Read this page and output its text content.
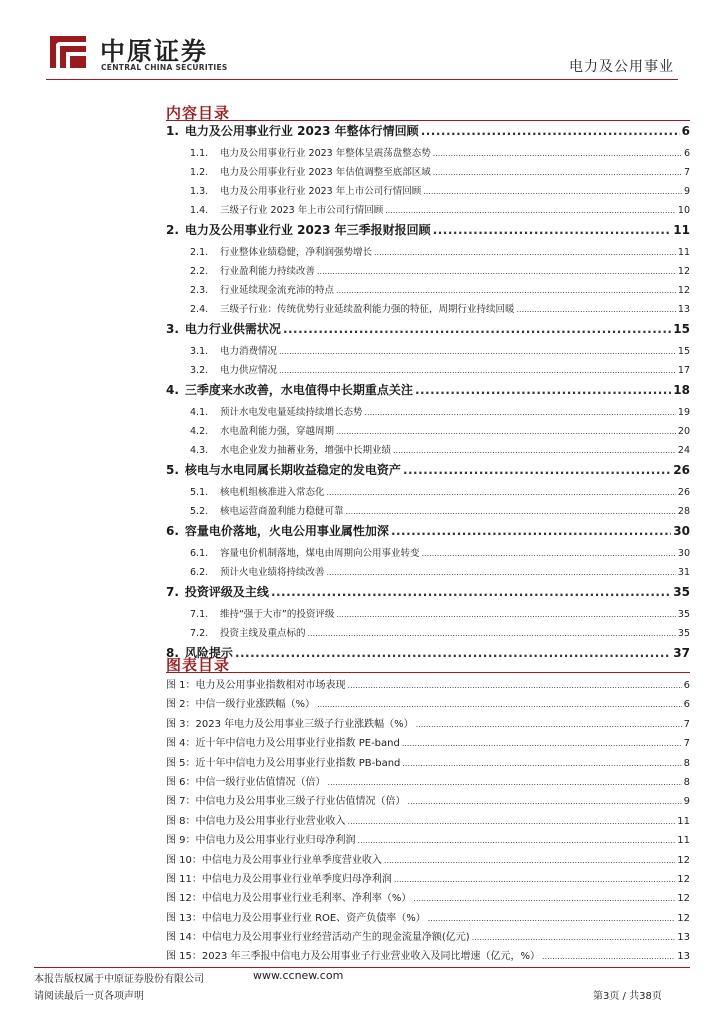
中原证券
CENTRAL CHINA SECURITIES	电力及公用事业
内容目录
1. 电力及公用事业行业 2023 年整体行情回顾 .....	6
1.1. 电力及公用事业行业 2023 年整体呈震荡盘整态势 .....	6
1.2. 电力及公用事业行业 2023 年估值调整至底部区域 .....	7
1.3. 电力及公用事业行业 2023 年上市公司行情回顾 .....	9
1.4. 三级子行业 2023 年上市公司行情回顾 .....	10
2. 电力及公用事业行业 2023 年三季报财报回顾 .....	11
2.1. 行业整体业绩稳健，净利润强势增长 .....	11
2.2. 行业盈利能力持续改善 .....	12
2.3. 行业延续现金流充沛的特点 .....	12
2.4. 三级子行业：传统优势行业延续盈利能力强的特征，周期行业持续回暖 .....	13
3. 电力行业供需状况 .....	15
3.1. 电力消费情况 .....	15
3.2. 电力供应情况 .....	17
4. 三季度来水改善，水电值得中长期重点关注 .....	18
4.1. 预计水电发电量延续持续增长态势 .....	19
4.2. 水电盈利能力强，穿越周期 .....	20
4.3. 水电企业发力抽蓄业务，增强中长期业绩 .....	24
5. 核电与水电同属长期收益稳定的发电资产 .....	26
5.1. 核电机组核准进入常态化 .....	26
5.2. 核电运营商盈利能力稳健可靠 .....	28
6. 容量电价落地，火电公用事业属性加深 .....	30
6.1. 容量电价机制落地，煤电由周期向公用事业转变 .....	30
6.2. 预计火电业绩将持续改善 .....	31
7. 投资评级及主线 .....	35
7.1. 维持“强于大市”的投资评级 .....	35
7.2. 投资主线及重点标的 .....	35
8. 风险提示 .....	37
图表目录
图 1：电力及公用事业指数相对市场表现 .....	6
图 2：中信一级行业涨跌幅（%） .....	6
图 3：2023 年电力及公用事业三级子行业涨跌幅（%） .....	7
图 4：近十年中信电力及公用事业行业指数 PE-band .....	7
图 5：近十年中信电力及公用事业行业指数 PB-band .....	8
图 6：中信一级行业估值情况（倍） .....	8
图 7：中信电力及公用事业三级子行业估值情况（倍） .....	9
图 8：中信电力及公用事业行业营业收入 .....	11
图 9：中信电力及公用事业行业归母净利润 .....	11
图 10：中信电力及公用事业行业单季度营业收入 .....	12
图 11：中信电力及公用事业行业单季度归母净利润 .....	12
图 12：中信电力及公用事业行业毛利率、净利率（%） .....	12
图 13：中信电力及公用事业行业 ROE、资产负债率（%） .....	12
图 14：中信电力及公用事业行业经营活动产生的现金流量净额(亿元) .....	13
图 15：2023 年三季报中信电力及公用事业子行业营业收入及同比增速（亿元，%） .....	13
本报告版权属于中原证券股份有限公司	www.ccnew.com
请阅读最后一页各项声明	第3页 / 共38页
